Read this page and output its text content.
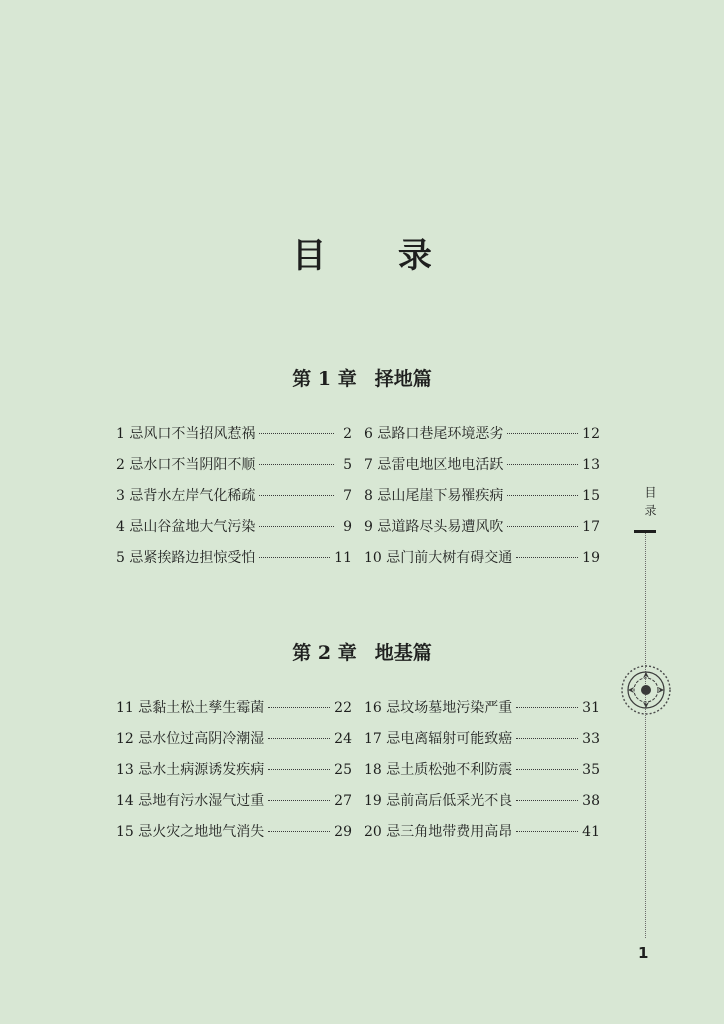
目 录
第 1 章 择地篇
1 忌风口不当招风惹祸	2 6 忌路口巷尾环境恶劣	12
2 忌水口不当阴阳不顺	5 7 忌雷电地区地电活跃	13
3 忌背水左岸气化稀疏	7 8 忌山尾崖下易罹疾病	15
4 忌山谷盆地大气污染	9 9 忌道路尽头易遭风吹	17
5 忌紧挨路边担惊受怕	11 10 忌门前大树有碍交通	19
第 2 章 地基篇
11 忌黏土松土孳生霉菌	22 16 忌坟场墓地污染严重	31
12 忌水位过高阴冷潮湿	24 17 忌电离辐射可能致癌	33
13 忌水土病源诱发疾病	25 18 忌土质松弛不利防震	35
14 忌地有污水湿气过重	27 19 忌前高后低采光不良	38
15 忌火灾之地地气消失	29 20 忌三角地带费用高昂	41
目录
1
